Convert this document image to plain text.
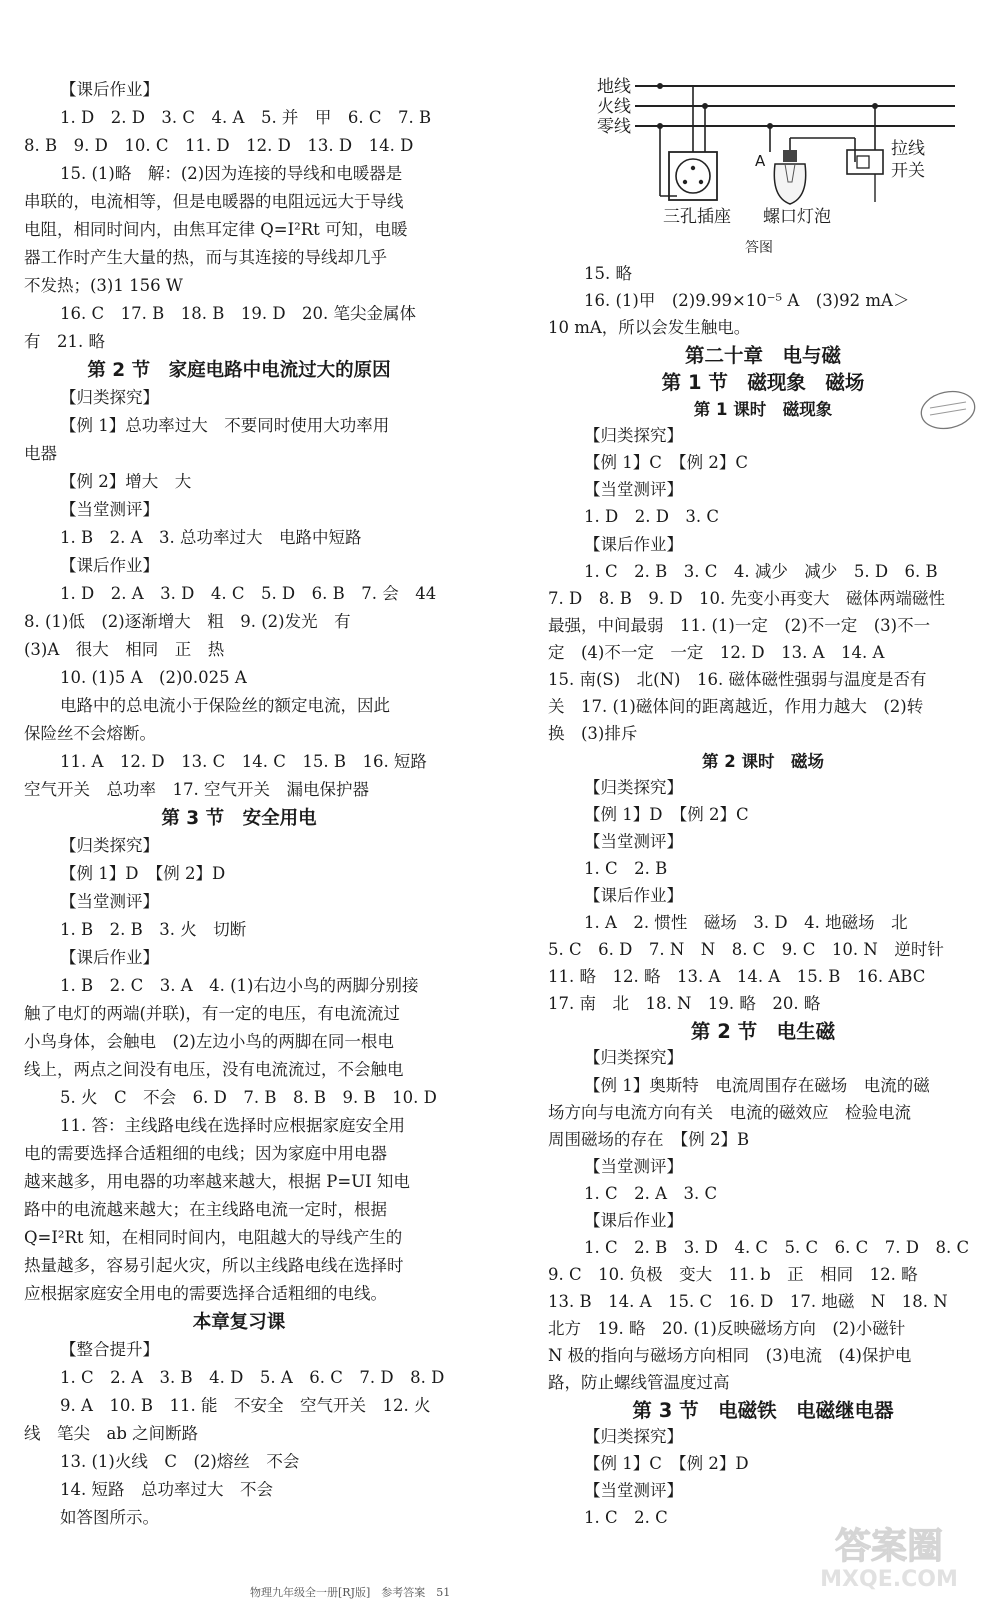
【课后作业】
1. D　2. D　3. C　4. A　5. 并　甲　6. C　7. B
8. B　9. D　10. C　11. D　12. D　13. D　14. D
15. (1)略　解：(2)因为连接的导线和电暖器是
串联的，电流相等，但是电暖器的电阻远远大于导线
电阻，相同时间内，由焦耳定律 Q=I²Rt 可知，电暖
器工作时产生大量的热，而与其连接的导线却几乎
不发热；(3)1 156 W
16. C　17. B　18. B　19. D　20. 笔尖金属体
有　21. 略
第 2 节　家庭电路中电流过大的原因
【归类探究】
【例 1】总功率过大　不要同时使用大功率用
电器
【例 2】增大　大
【当堂测评】
1. B　2. A　3. 总功率过大　电路中短路
【课后作业】
1. D　2. A　3. D　4. C　5. D　6. B　7. 会　44
8. (1)低　(2)逐渐增大　粗　9. (2)发光　有
(3)A　很大　相同　正　热
10. (1)5 A　(2)0.025 A
电路中的总电流小于保险丝的额定电流，因此
保险丝不会熔断。
11. A　12. D　13. C　14. C　15. B　16. 短路
空气开关　总功率　17. 空气开关　漏电保护器
第 3 节　安全用电
【归类探究】
【例 1】D　【例 2】D
【当堂测评】
1. B　2. B　3. 火　切断
【课后作业】
1. B　2. C　3. A　4. (1)右边小鸟的两脚分别接
触了电灯的两端(并联)，有一定的电压，有电流流过
小鸟身体，会触电　(2)左边小鸟的两脚在同一根电
线上，两点之间没有电压，没有电流流过，不会触电
5. 火　C　不会　6. D　7. B　8. B　9. B　10. D
11. 答：主线路电线在选择时应根据家庭安全用
电的需要选择合适粗细的电线；因为家庭中用电器
越来越多，用电器的功率越来越大，根据 P=UI 知电
路中的电流越来越大；在主线路电流一定时，根据
Q=I²Rt 知，在相同时间内，电阻越大的导线产生的
热量越多，容易引起火灾，所以主线路电线在选择时
应根据家庭安全用电的需要选择合适粗细的电线。
本章复习课
【整合提升】
1. C　2. A　3. B　4. D　5. A　6. C　7. D　8. D
9. A　10. B　11. 能　不安全　空气开关　12. 火
线　笔尖　ab 之间断路
13. (1)火线　C　(2)熔丝　不会
14. 短路　总功率过大　不会
如答图所示。
15. 略
16. (1)甲　(2)9.99×10⁻⁵ A　(3)92 mA＞
10 mA，所以会发生触电。
第二十章　电与磁
第 1 节　磁现象　磁场
第 1 课时　磁现象
【归类探究】
【例 1】C　【例 2】C
【当堂测评】
1. D　2. D　3. C
【课后作业】
1. C　2. B　3. C　4. 减少　减少　5. D　6. B
7. D　8. B　9. D　10. 先变小再变大　磁体两端磁性
最强，中间最弱　11. (1)一定　(2)不一定　(3)不一
定　(4)不一定　一定　12. D　13. A　14. A
15. 南(S)　北(N)　16. 磁体磁性强弱与温度是否有
关　17. (1)磁体间的距离越近，作用力越大　(2)转
换　(3)排斥
第 2 课时　磁场
【归类探究】
【例 1】D　【例 2】C
【当堂测评】
1. C　2. B
【课后作业】
1. A　2. 惯性　磁场　3. D　4. 地磁场　北
5. C　6. D　7. N　N　8. C　9. C　10. N　逆时针
11. 略　12. 略　13. A　14. A　15. B　16. ABC
17. 南　北　18. N　19. 略　20. 略
第 2 节　电生磁
【归类探究】
【例 1】奥斯特　电流周围存在磁场　电流的磁
场方向与电流方向有关　电流的磁效应　检验电流
周围磁场的存在　【例 2】B
【当堂测评】
1. C　2. A　3. C
【课后作业】
1. C　2. B　3. D　4. C　5. C　6. C　7. D　8. C
9. C　10. 负极　变大　11. b　正　相同　12. 略
13. B　14. A　15. C　16. D　17. 地磁　N　18. N
北方　19. 略　20. (1)反映磁场方向　(2)小磁针
N 极的指向与磁场方向相同　(3)电流　(4)保护电
路，防止螺线管温度过高
第 3 节　电磁铁　电磁继电器
【归类探究】
【例 1】C　【例 2】D
【当堂测评】
1. C　2. C
地线
火线
零线
三孔插座
A
螺口灯泡
拉线
开关
答图
答案圈
MXQE.COM
物理九年级全一册[RJ版]　参考答案　51
